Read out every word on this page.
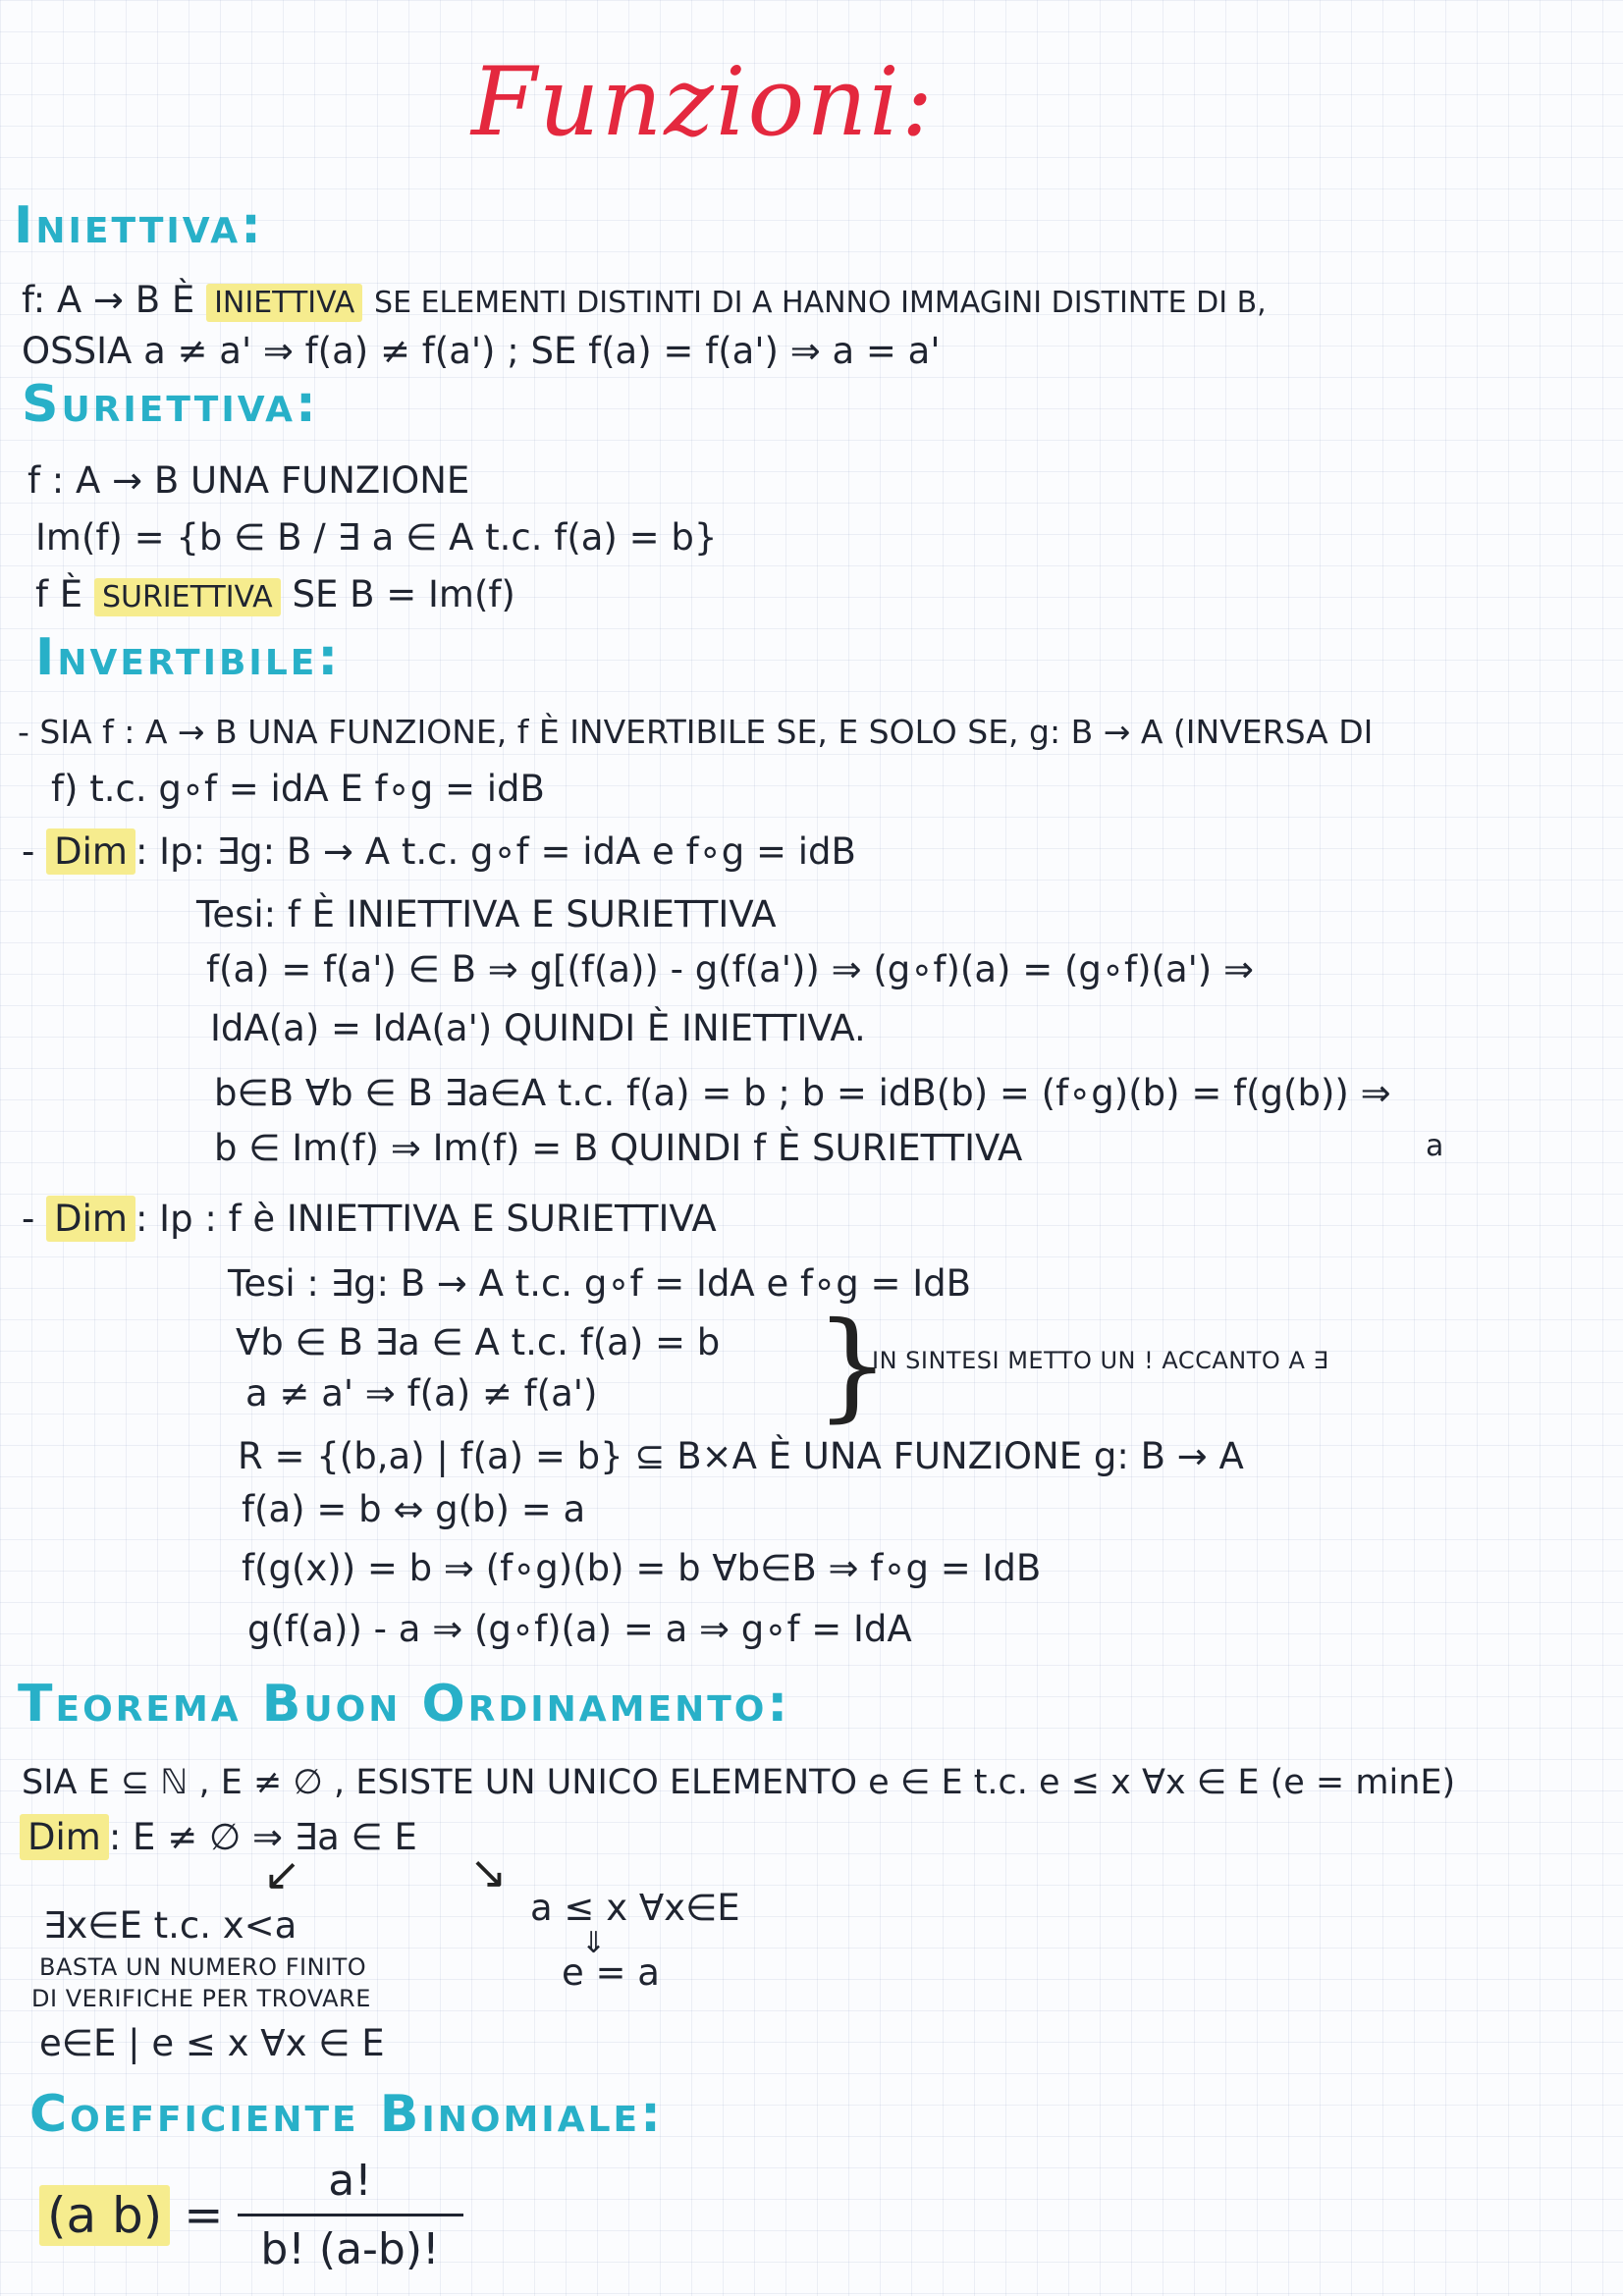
Funzioni:
Iniettiva:
f: A → B È INIETTIVA SE ELEMENTI DISTINTI DI A HANNO IMMAGINI DISTINTE DI B,
OSSIA a ≠ a' ⇒ f(a) ≠ f(a') ; SE f(a) = f(a') ⇒ a = a'
Suriettiva:
f : A → B UNA FUNZIONE
Im(f) = {b ∈ B / ∃ a ∈ A t.c. f(a) = b}
f È SURIETTIVA SE B = Im(f)
Invertibile:
- SIA f : A → B UNA FUNZIONE, f È INVERTIBILE SE, E SOLO SE, g: B → A (INVERSA DI
f) t.c. g∘f = idA E f∘g = idB
- Dim : Ip: ∃g: B → A t.c. g∘f = idA e f∘g = idB
Tesi: f È INIETTIVA E SURIETTIVA
f(a) = f(a') ∈ B ⇒ g[(f(a)) - g(f(a')) ⇒ (g∘f)(a) = (g∘f)(a') ⇒
IdA(a) = IdA(a') QUINDI È INIETTIVA.
b∈B ∀b ∈ B ∃a∈A t.c. f(a) = b ; b = idB(b) = (f∘g)(b) = f(g(b)) ⇒
a
b ∈ Im(f) ⇒ Im(f) = B QUINDI f È SURIETTIVA
- Dim : Ip : f è INIETTIVA E SURIETTIVA
Tesi : ∃g: B → A t.c. g∘f = IdA e f∘g = IdB
∀b ∈ B ∃a ∈ A t.c. f(a) = b
a ≠ a' ⇒ f(a) ≠ f(a') }
IN SINTESI METTO UN ! ACCANTO A ∃
R = {(b,a) | f(a) = b} ⊆ B×A È UNA FUNZIONE g: B → A
f(a) = b ⇔ g(b) = a
f(g(x)) = b ⇒ (f∘g)(b) = b ∀b∈B ⇒ f∘g = IdB
g(f(a)) - a ⇒ (g∘f)(a) = a ⇒ g∘f = IdA
Teorema Buon Ordinamento:
SIA E ⊆ ℕ , E ≠ ∅ , ESISTE UN UNICO ELEMENTO e ∈ E t.c. e ≤ x ∀x ∈ E (e = minE)
Dim : E ≠ ∅ ⇒ ∃a ∈ E
↙	↘
∃x∈E t.c. x<a
BASTA UN NUMERO FINITO
DI VERIFICHE PER TROVARE
e∈E | e ≤ x ∀x ∈ E
a ≤ x ∀x∈E
⇓
e = a
Coefficiente Binomiale:
(a $b) = \frac{a!}{b! (a-b)!}$
